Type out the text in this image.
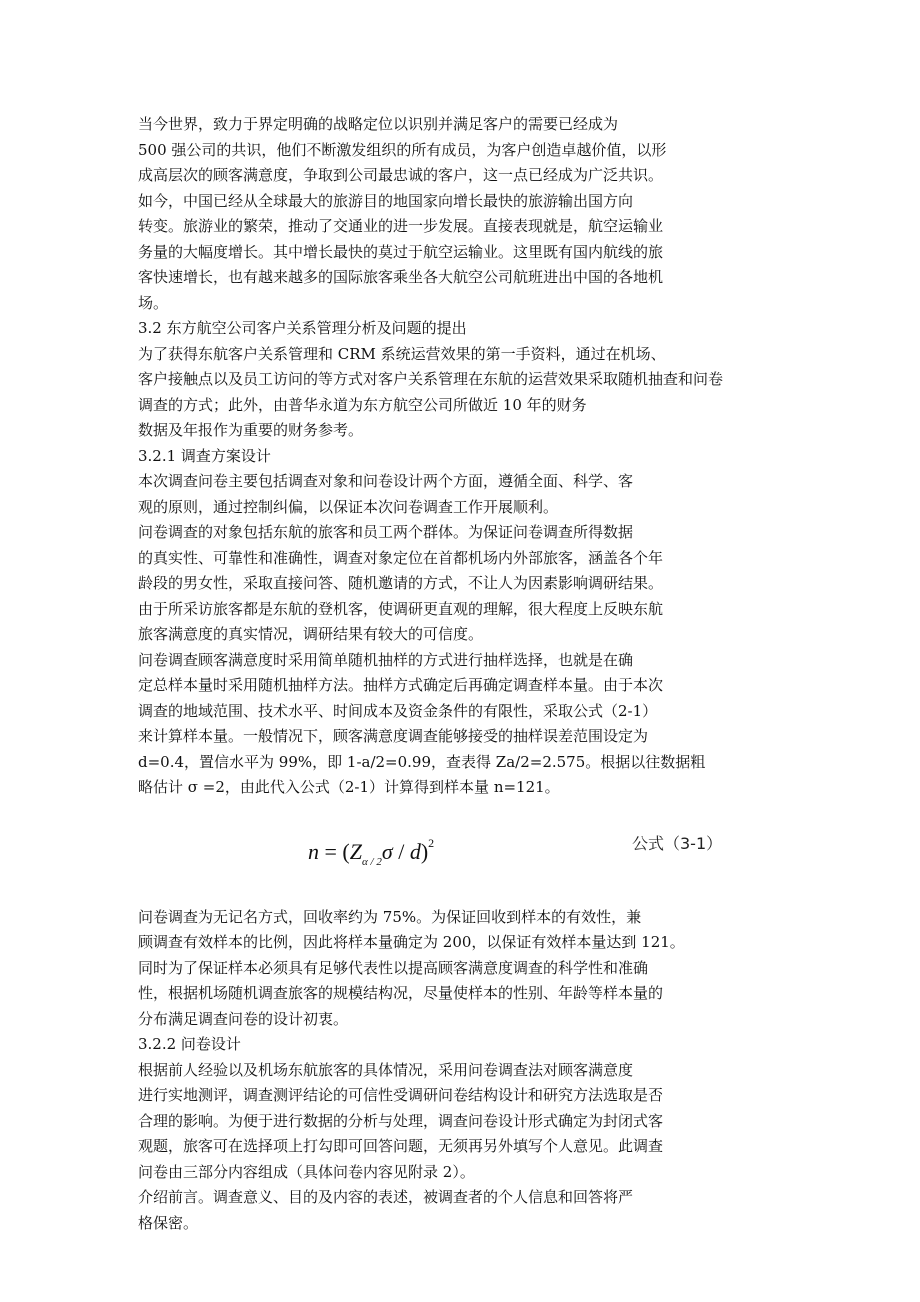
当今世界，致力于界定明确的战略定位以识别并满足客户的需要已经成为
500 强公司的共识，他们不断激发组织的所有成员，为客户创造卓越价值，以形
成高层次的顾客满意度，争取到公司最忠诚的客户，这一点已经成为广泛共识。
如今，中国已经从全球最大的旅游目的地国家向增长最快的旅游输出国方向
转变。旅游业的繁荣，推动了交通业的进一步发展。直接表现就是，航空运输业
务量的大幅度增长。其中增长最快的莫过于航空运输业。这里既有国内航线的旅
客快速增长，也有越来越多的国际旅客乘坐各大航空公司航班进出中国的各地机
场。
3.2 东方航空公司客户关系管理分析及问题的提出
为了获得东航客户关系管理和 CRM 系统运营效果的第一手资料，通过在机场、
客户接触点以及员工访问的等方式对客户关系管理在东航的运营效果采取随机抽查和问卷
调查的方式；此外，由普华永道为东方航空公司所做近 10 年的财务
数据及年报作为重要的财务参考。
3.2.1 调查方案设计
本次调查问卷主要包括调查对象和问卷设计两个方面，遵循全面、科学、客
观的原则，通过控制纠偏，以保证本次问卷调查工作开展顺利。
问卷调查的对象包括东航的旅客和员工两个群体。为保证问卷调查所得数据
的真实性、可靠性和准确性，调查对象定位在首都机场内外部旅客，涵盖各个年
龄段的男女性，采取直接问答、随机邀请的方式，不让人为因素影响调研结果。
由于所采访旅客都是东航的登机客，使调研更直观的理解，很大程度上反映东航
旅客满意度的真实情况，调研结果有较大的可信度。
问卷调查顾客满意度时采用简单随机抽样的方式进行抽样选择，也就是在确
定总样本量时采用随机抽样方法。抽样方式确定后再确定调查样本量。由于本次
调查的地域范围、技术水平、时间成本及资金条件的有限性，采取公式（2-1）
来计算样本量。一般情况下，顾客满意度调查能够接受的抽样误差范围设定为
d=0.4，置信水平为 99%，即 1-a/2=0.99，查表得 Za/2=2.575。根据以往数据粗
略估计 σ =2，由此代入公式（2-1）计算得到样本量 n=121。
$n = (Z_{\alpha / 2}\sigma / d)^2$	公式（3-1）
问卷调查为无记名方式，回收率约为 75%。为保证回收到样本的有效性，兼
顾调查有效样本的比例，因此将样本量确定为 200，以保证有效样本量达到 121。
同时为了保证样本必须具有足够代表性以提高顾客满意度调查的科学性和准确
性，根据机场随机调查旅客的规模结构况，尽量使样本的性别、年龄等样本量的
分布满足调查问卷的设计初衷。
3.2.2 问卷设计
根据前人经验以及机场东航旅客的具体情况，采用问卷调查法对顾客满意度
进行实地测评，调查测评结论的可信性受调研问卷结构设计和研究方法选取是否
合理的影响。为便于进行数据的分析与处理，调查问卷设计形式确定为封闭式客
观题，旅客可在选择项上打勾即可回答问题，无须再另外填写个人意见。此调查
问卷由三部分内容组成（具体问卷内容见附录 2）。
介绍前言。调查意义、目的及内容的表述，被调查者的个人信息和回答将严
格保密。
